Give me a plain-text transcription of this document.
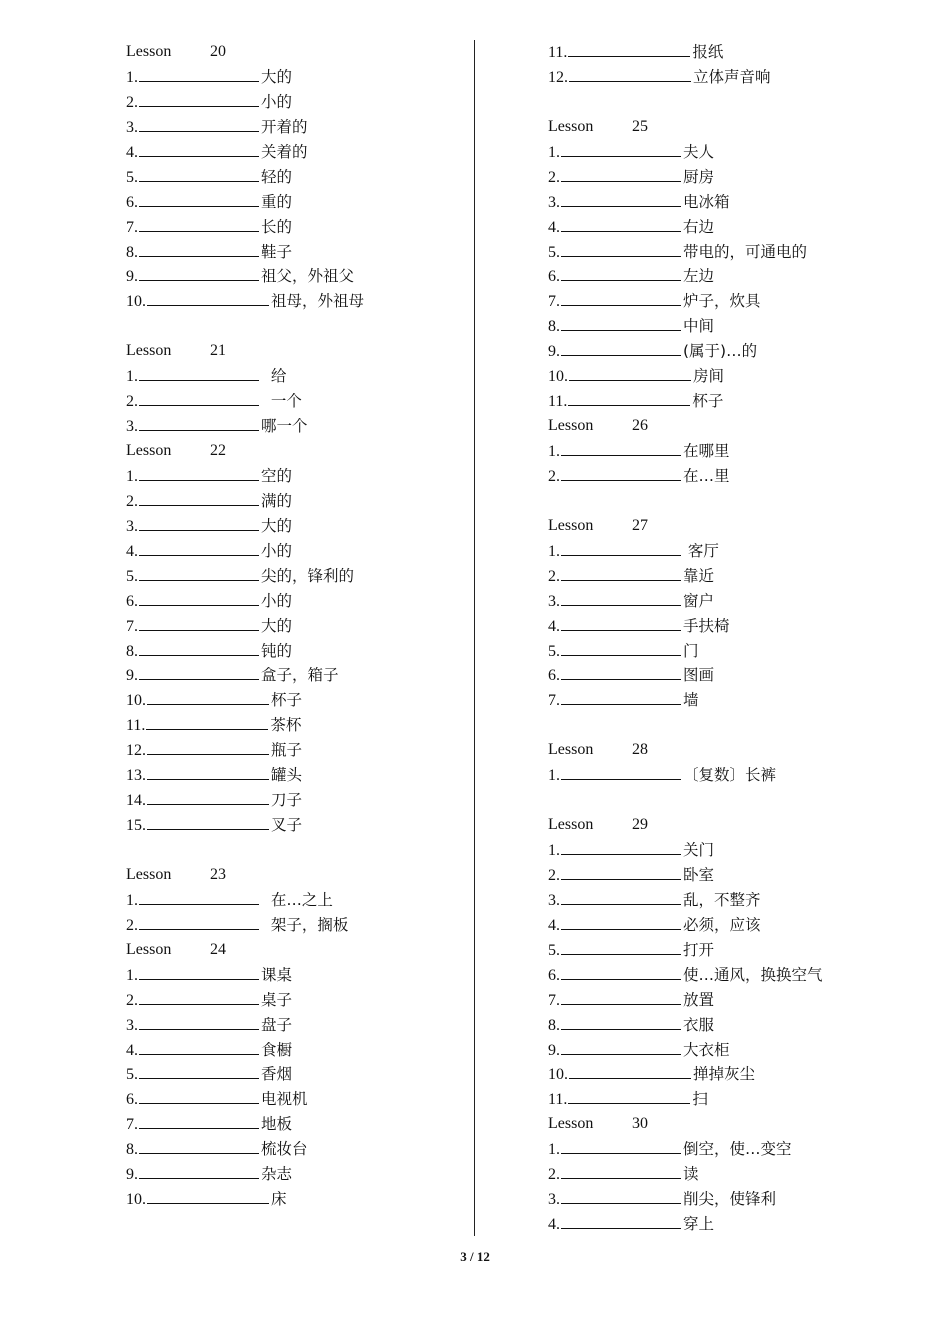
Lesson 20
1.	大的
2.	小的
3.	开着的
4.	关着的
5.	轻的
6.	重的
7.	长的
8.	鞋子
9.	祖父，外祖父
10.	祖母，外祖母
Lesson 21
1.	给
2.	一个
3.	哪一个
Lesson 22
1.	空的
2.	满的
3.	大的
4.	小的
5.	尖的，锋利的
6.	小的
7.	大的
8.	钝的
9.	盒子，箱子
10.	杯子
11.	茶杯
12.	瓶子
13.	罐头
14.	刀子
15.	叉子
Lesson 23
1.	在…之上
2.	架子，搁板
Lesson 24
1.	课桌
2.	桌子
3.	盘子
4.	食橱
5.	香烟
6.	电视机
7.	地板
8.	梳妆台
9.	杂志
10.	床
11.	报纸
12.	立体声音响
Lesson 25
1.	夫人
2.	厨房
3.	电冰箱
4.	右边
5.	带电的，可通电的
6.	左边
7.	炉子，炊具
8.	中间
9.	(属于)…的
10.	房间
11.	杯子
Lesson 26
1.	在哪里
2.	在…里
Lesson 27
1.	客厅
2.	靠近
3.	窗户
4.	手扶椅
5.	门
6.	图画
7.	墙
Lesson 28
1.	〔复数〕长裤
Lesson 29
1.	关门
2.	卧室
3.	乱，不整齐
4.	必须，应该
5.	打开
6.	使…通风，换换空气
7.	放置
8.	衣服
9.	大衣柜
10.	掸掉灰尘
11.	扫
Lesson 30
1.	倒空，使…变空
2.	读
3.	削尖，使锋利
4.	穿上
3 / 12
